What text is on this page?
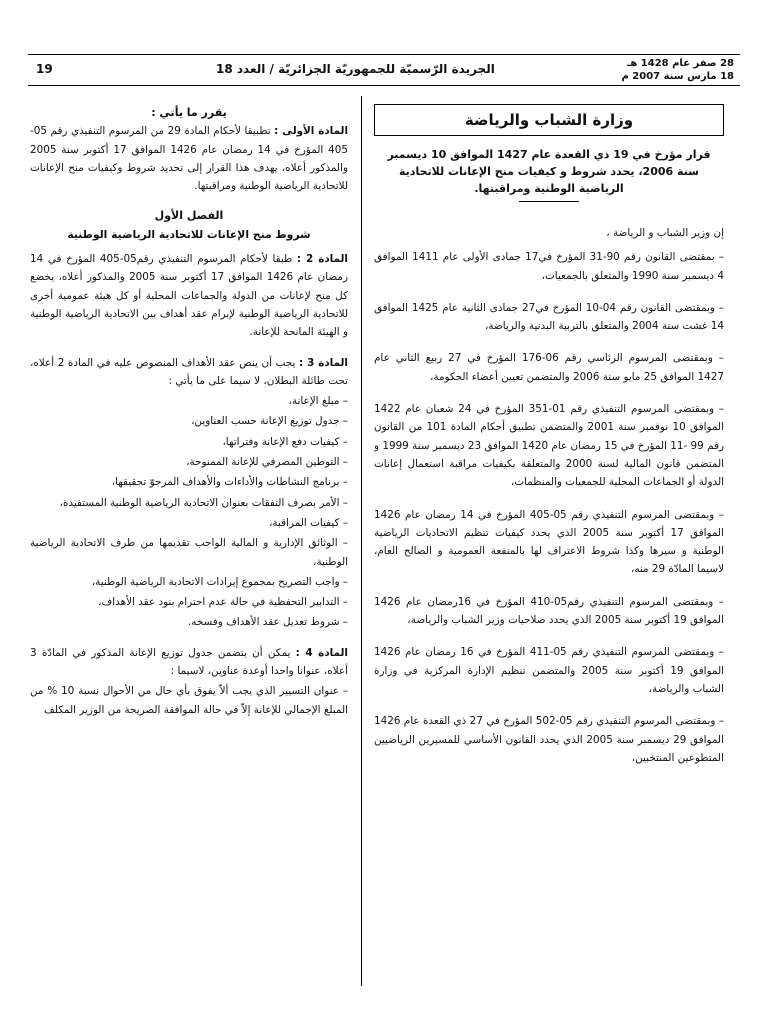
19	الجريدة الرّسميّة للجمهوريّة الجزائريّة / العدد 18	28 صفر عام 1428 هـ
18 مارس سنة 2007 م
وزارة الشباب والرياضة
قرار مؤرخ في 19 ذي القعدة عام 1427 الموافق 10 ديسمبر سنة 2006، يحدد شروط و كيفيات منح الإعانات للاتحادية الرياضية الوطنية ومراقبتها.
إن وزير الشباب و الرياضة ،
– بمقتضى القانون رقم 90-31 المؤرخ في17 جمادى الأولى عام 1411 الموافق 4 ديسمبر سنة 1990 والمتعلق بالجمعيات،
– وبمقتضى القانون رقم 04-10 المؤرخ في27 جمادى الثانية عام 1425 الموافق 14 غشت سنة 2004 والمتعلق بالتربية البدنية والرياضة،
– وبمقتضى المرسوم الرئاسي رقم 06-176 المؤرخ في 27 ربيع الثاني عام 1427 الموافق 25 مايو سنة 2006 والمتضمن تعيين أعضاء الحكومة،
– وبمقتضى المرسوم التنفيذي رقم 01-351 المؤرخ في 24 شعبان عام 1422 الموافق 10 نوفمبر سنة 2001 والمتضمن تطبيق أحكام المادة 101 من القانون رقم 99 -11 المؤرخ في 15 رمضان عام 1420 الموافق 23 ديسمبر سنة 1999 و المتضمن قانون المالية لسنة 2000 والمتعلقة بكيفيات مراقبة استعمال إعانات الدولة أو الجماعات المحلية للجمعيات والمنظمات،
– وبمقتضى المرسوم التنفيذي رقم 05-405 المؤرخ في 14 رمضان عام 1426 الموافق 17 أكتوبر سنة 2005 الذي يحدد كيفيات تنظيم الاتحاديات الرياضية الوطنية و سيرها وكذا شروط الاعتراف لها بالمنفعة العمومية و الصالح العام، لاسيما المادّة 29 منه،
– وبمقتضى المرسوم التنفيذي رقم05-410 المؤرخ في 16رمضان عام 1426 الموافق 19 أكتوبر سنة 2005 الذي يحدد صلاحيات وزير الشباب والرياضة،
– وبمقتضى المرسوم التنفيذي رقم 05-411 المؤرخ في 16 رمضان عام 1426 الموافق 19 أكتوبر سنة 2005 والمتضمن تنظيم الإدارة المركزية في وزارة الشباب والرياضة،
– وبمقتضى المرسوم التنفيذي رقم 05-502 المؤرخ في 27 ذي القعدة عام 1426 الموافق 29 ديسمبر سنة 2005 الذي يحدد القانون الأساسي للمسيرين الرياضيين المتطوعين المنتخبين،
يقرر ما يأتي :
المادة الأولى : تطبيقا لأحكام المادة 29 من المرسوم التنفيذي رقم 05-405 المؤرخ في 14 رمضان عام 1426 الموافق 17 أكتوبر سنة 2005 والمذكور أعلاه، يهدف هذا القرار إلى تحديد شروط وكيفيات منح الإعانات للاتحادية الرياضية الوطنية ومراقبتها.
الفصل الأول
شروط منح الإعانات للاتحادية الرياضية الوطنية
المادة 2 : طبقا لأحكام المرسوم التنفيذي رقم05-405 المؤرخ في 14 رمضان عام 1426 الموافق 17 أكتوبر سنة 2005 والمذكور أعلاه، يخضع كل منح لإعانات من الدولة والجماعات المحلية أو كل هيئة عمومية أخرى للاتحادية الرياضية الوطنية لإبرام عقد أهداف بين الاتحادية الرياضية الوطنية و الهيئة المانحة للإعانة.
المادة 3 : يجب أن ينص عقد الأهداف المنصوص عليه في المادة 2 أعلاه، تحت طائلة البطلان، لا سيما على ما يأتي :
– مبلغ الإعانة،
– جدول توزيع الإعانة حسب العناوين،
– كيفيات دفع الإعانة وفتراتها،
– التوطين المصرفي للإعانة الممنوحة،
– برنامج النشاطات والأداءات والأهداف المرجوّ تحقيقها،
– الأمر بصرف النفقات بعنوان الاتحادية الرياضية الوطنية المستفيدة،
– كيفيات المراقبة،
– الوثائق الإدارية و المالية الواجب تقديمها من طرف الاتحادية الرياضية الوطنية،
– واجب التصريح بمجموع إيرادات الاتحادية الرياضية الوطنية،
– التدابير التحفظية في حالة عدم احترام بنود عقد الأهداف،
– شروط تعديل عقد الأهداف وفسخه.
المادة 4 : يمكن أن يتضمن جدول توزيع الإعانة المذكور في المادّة 3 أعلاه، عنوانا واحدا أوعدة عناوين، لاسيما :
– عنوان التسيير الذي يجب ألاّ يفوق بأي حال من الأحوال نسبة 10 % من المبلغ الإجمالي للإعانة إلاّ في حالة الموافقة الصريحة من الوزير المكلف
